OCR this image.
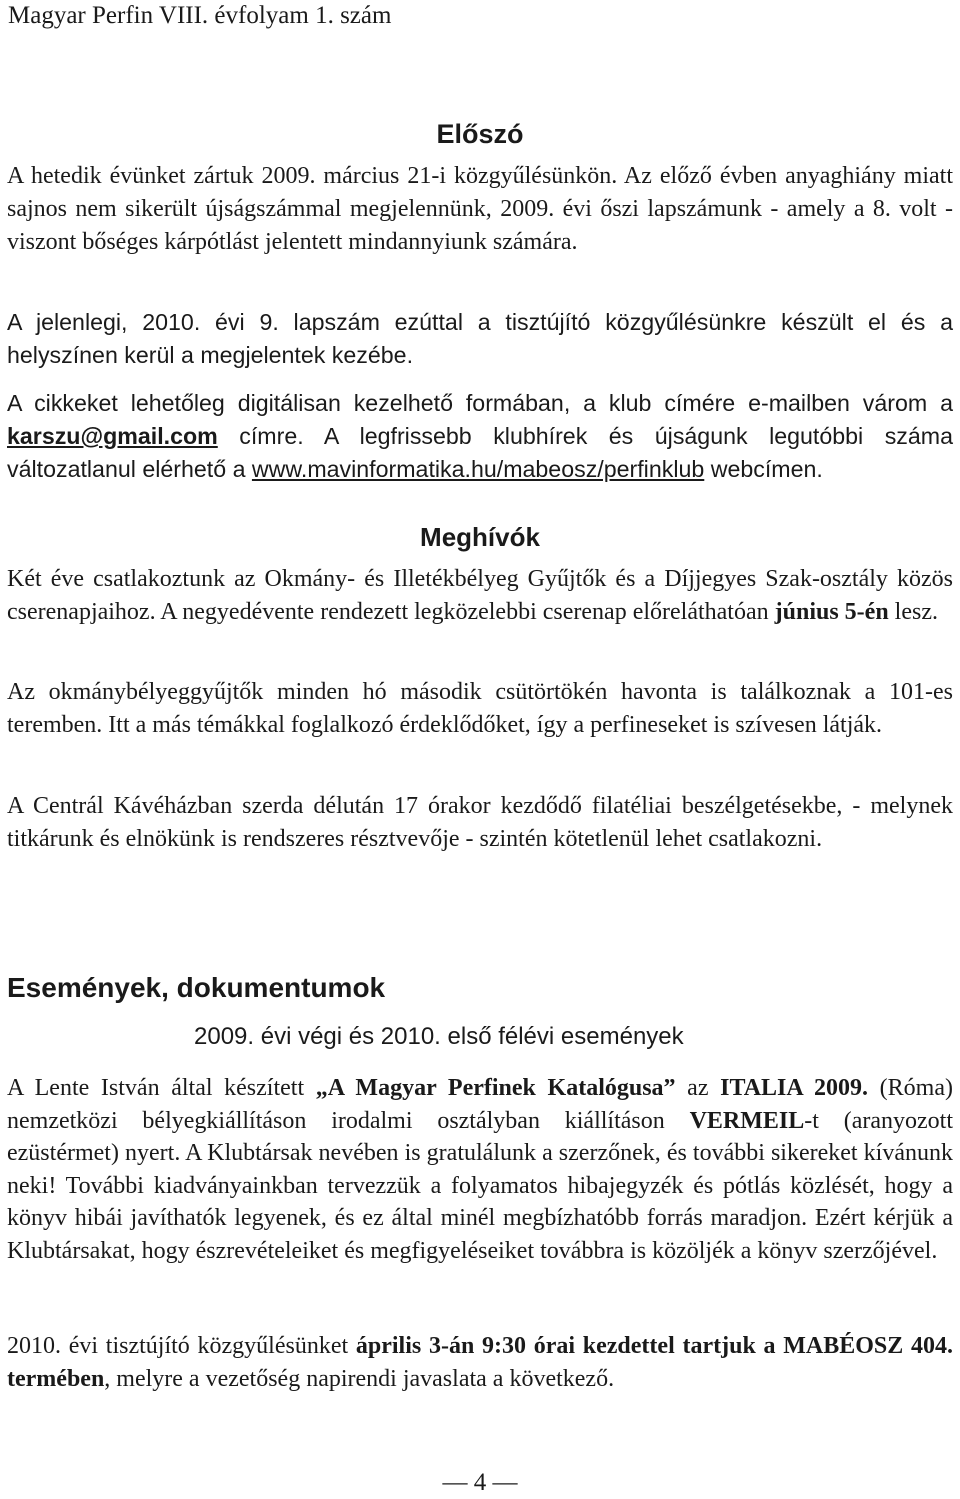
Magyar Perfin VIII. évfolyam 1. szám
Előszó
A hetedik évünket zártuk 2009. március 21-i közgyűlésünkön. Az előző évben anyaghiány miatt sajnos nem sikerült újságszámmal megjelennünk, 2009. évi őszi lapszámunk - amely a 8. volt - viszont bőséges kárpótlást jelentett mindannyiunk számára.
A jelenlegi, 2010. évi 9. lapszám ezúttal a tisztújító közgyűlésünkre készült el és a helyszínen kerül a megjelentek kezébe.
A cikkeket lehetőleg digitálisan kezelhető formában, a klub címére e-mailben várom a karszu@gmail.com címre. A legfrissebb klubhírek és újságunk legutóbbi száma változatlanul elérhető a www.mavinformatika.hu/mabeosz/perfinklub webcímen.
Meghívók
Két éve csatlakoztunk az Okmány- és Illetékbélyeg Gyűjtők és a Díjjegyes Szak-osztály közös cserenapjaihoz. A negyedévente rendezett legközelebbi cserenap előreláthatóan június 5-én lesz.
Az okmánybélyeggyűjtők minden hó második csütörtökén havonta is találkoznak a 101-es teremben. Itt a más témákkal foglalkozó érdeklődőket, így a perfineseket is szívesen látják.
A Centrál Kávéházban szerda délután 17 órakor kezdődő filatéliai beszélgetésekbe, - melynek titkárunk és elnökünk is rendszeres résztvevője - szintén kötetlenül lehet csatlakozni.
Események, dokumentumok
2009. évi végi és 2010. első félévi események
A Lente István által készített „A Magyar Perfinek Katalógusa” az ITALIA 2009. (Róma) nemzetközi bélyegkiállításon irodalmi osztályban kiállításon VERMEIL-t (aranyozott ezüstérmet) nyert. A Klubtársak nevében is gratulálunk a szerzőnek, és további sikereket kívánunk neki! További kiadványainkban tervezzük a folyamatos hibajegyzék és pótlás közlését, hogy a könyv hibái javíthatók legyenek, és ez által minél megbízhatóbb forrás maradjon. Ezért kérjük a Klubtársakat, hogy észrevételeiket és megfigyeléseiket továbbra is közöljék a könyv szerzőjével.
2010. évi tisztújító közgyűlésünket április 3-án 9:30 órai kezdettel tartjuk a MABÉOSZ 404. termében, melyre a vezetőség napirendi javaslata a következő.
— 4 —
